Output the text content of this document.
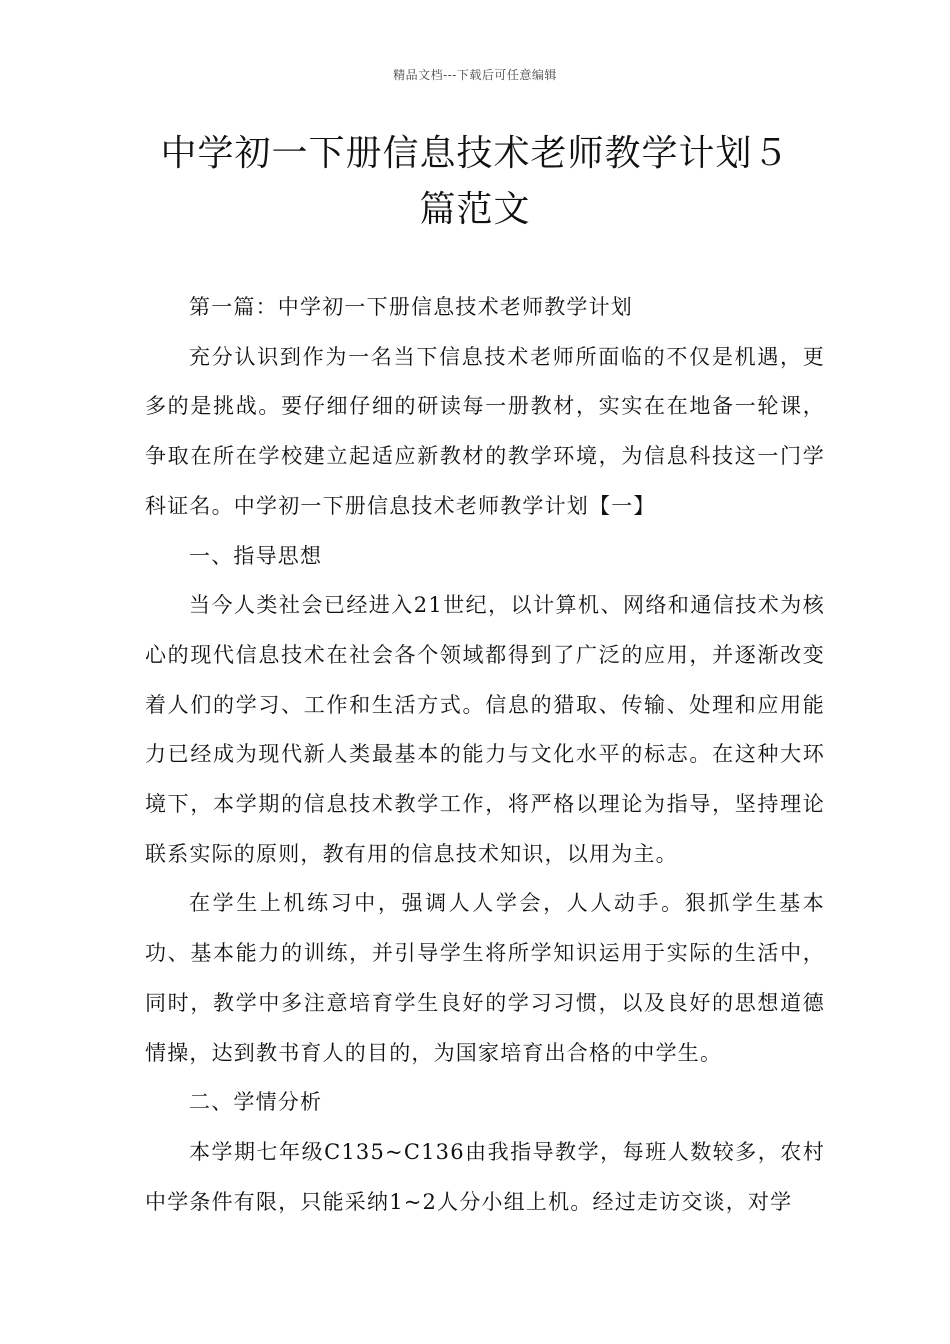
精品文档---下载后可任意编辑
中学初一下册信息技术老师教学计划５
篇范文

第一篇：中学初一下册信息技术老师教学计划

充分认识到作为一名当下信息技术老师所面临的不仅是机遇，更多的是挑战。要仔细仔细的研读每一册教材，实实在在地备一轮课，争取在所在学校建立起适应新教材的教学环境，为信息科技这一门学科证名。中学初一下册信息技术老师教学计划【一】

一、指导思想

当今人类社会已经进入21世纪，以计算机、网络和通信技术为核心的现代信息技术在社会各个领域都得到了广泛的应用，并逐渐改变着人们的学习、工作和生活方式。信息的猎取、传输、处理和应用能力已经成为现代新人类最基本的能力与文化水平的标志。在这种大环境下，本学期的信息技术教学工作，将严格以理论为指导，坚持理论联系实际的原则，教有用的信息技术知识，以用为主。

在学生上机练习中，强调人人学会，人人动手。狠抓学生基本功、基本能力的训练，并引导学生将所学知识运用于实际的生活中，同时，教学中多注意培育学生良好的学习习惯，以及良好的思想道德情操，达到教书育人的目的，为国家培育出合格的中学生。

二、学情分析

本学期七年级C135~C136由我指导教学，每班人数较多，农村中学条件有限，只能采纳1~2人分小组上机。经过走访交谈，对学
